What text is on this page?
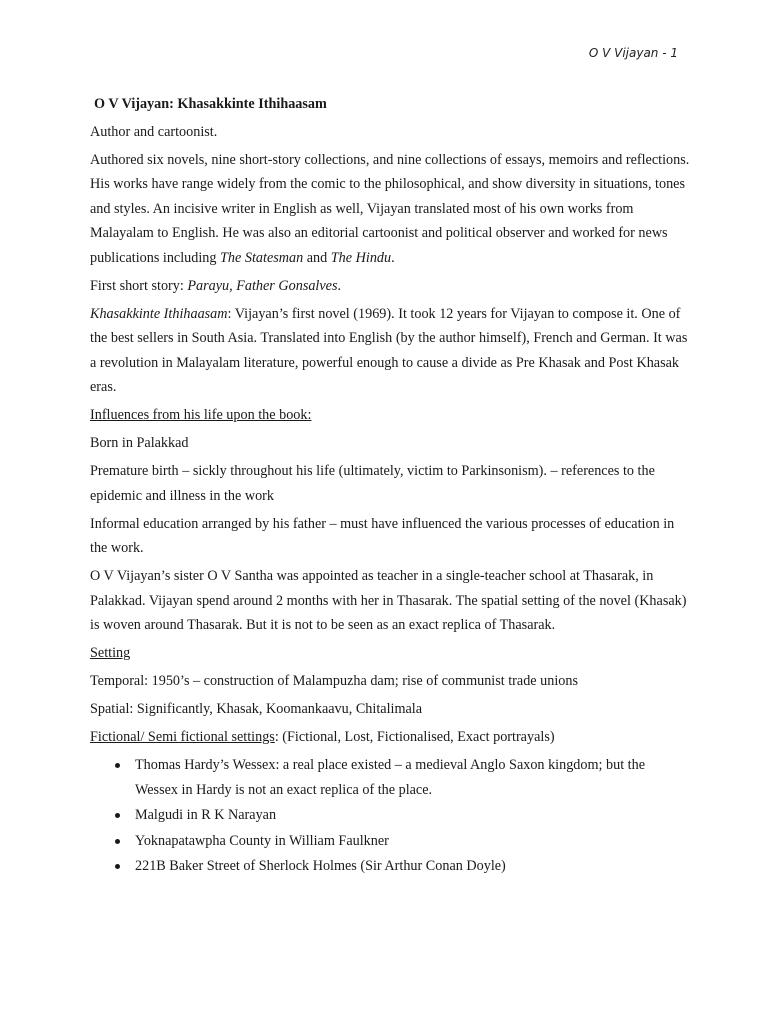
O V Vijayan - 1

O V Vijayan: Khasakkinte Ithihaasam

Author and cartoonist.

Authored six novels, nine short-story collections, and nine collections of essays, memoirs and reflections. His works have range widely from the comic to the philosophical, and show diversity in situations, tones and styles. An incisive writer in English as well, Vijayan translated most of his own works from Malayalam to English. He was also an editorial cartoonist and political observer and worked for news publications including The Statesman and The Hindu.

First short story: Parayu, Father Gonsalves.

Khasakkinte Ithihaasam: Vijayan’s first novel (1969). It took 12 years for Vijayan to compose it. One of the best sellers in South Asia. Translated into English (by the author himself), French and German. It was a revolution in Malayalam literature, powerful enough to cause a divide as Pre Khasak and Post Khasak eras.

Influences from his life upon the book:

Born in Palakkad

Premature birth – sickly throughout his life (ultimately, victim to Parkinsonism). – references to the epidemic and illness in the work

Informal education arranged by his father – must have influenced the various processes of education in the work.

O V Vijayan’s sister O V Santha was appointed as teacher in a single-teacher school at Thasarak, in Palakkad. Vijayan spend around 2 months with her in Thasarak. The spatial setting of the novel (Khasak) is woven around Thasarak. But it is not to be seen as an exact replica of Thasarak.

Setting

Temporal: 1950’s – construction of Malampuzha dam; rise of communist trade unions

Spatial: Significantly, Khasak, Koomankaavu, Chitalimala

Fictional/ Semi fictional settings: (Fictional, Lost, Fictionalised, Exact portrayals)

Thomas Hardy’s Wessex: a real place existed – a medieval Anglo Saxon kingdom; but the Wessex in Hardy is not an exact replica of the place.
Malgudi in R K Narayan
Yoknapatawpha County in William Faulkner
221B Baker Street of Sherlock Holmes (Sir Arthur Conan Doyle)
